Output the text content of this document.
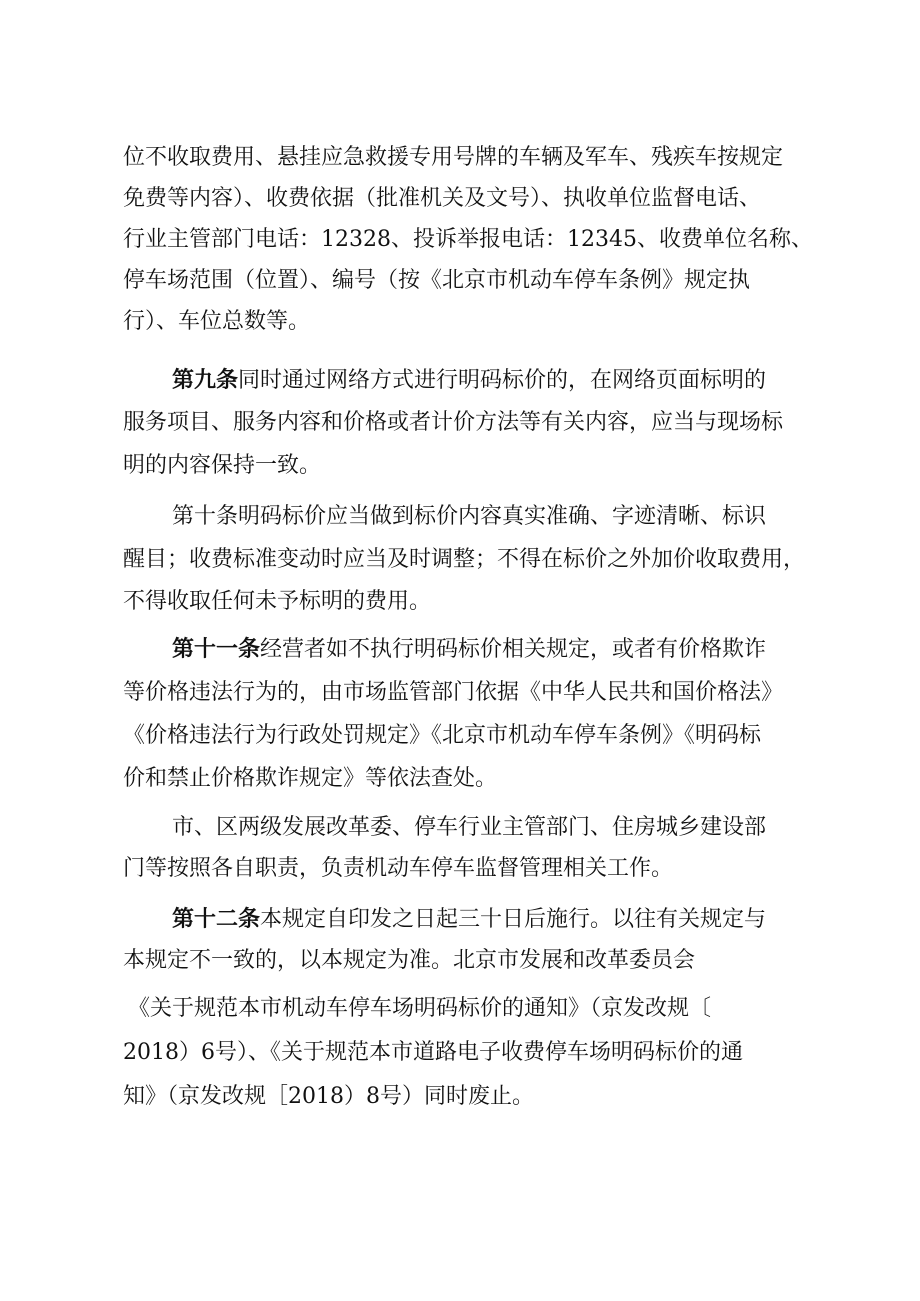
位不收取费用、悬挂应急救援专用号牌的车辆及军车、残疾车按规定
免费等内容）、收费依据（批准机关及文号）、执收单位监督电话、
行业主管部门电话：12328、投诉举报电话：12345、收费单位名称、
停车场范围（位置）、编号（按《北京市机动车停车条例》规定执
行）、车位总数等。
第九条同时通过网络方式进行明码标价的，在网络页面标明的
服务项目、服务内容和价格或者计价方法等有关内容，应当与现场标
明的内容保持一致。
第十条明码标价应当做到标价内容真实准确、字迹清晰、标识
醒目；收费标准变动时应当及时调整；不得在标价之外加价收取费用，
不得收取任何未予标明的费用。
第十一条经营者如不执行明码标价相关规定，或者有价格欺诈
等价格违法行为的，由市场监管部门依据《中华人民共和国价格法》
《价格违法行为行政处罚规定》《北京市机动车停车条例》《明码标
价和禁止价格欺诈规定》等依法查处。
市、区两级发展改革委、停车行业主管部门、住房城乡建设部
门等按照各自职责，负责机动车停车监督管理相关工作。
第十二条本规定自印发之日起三十日后施行。以往有关规定与
本规定不一致的，以本规定为准。北京市发展和改革委员会
《关于规范本市机动车停车场明码标价的通知》（京发改规〔
2018）6号）、《关于规范本市道路电子收费停车场明码标价的通
知》（京发改规［2018）8号）同时废止。
